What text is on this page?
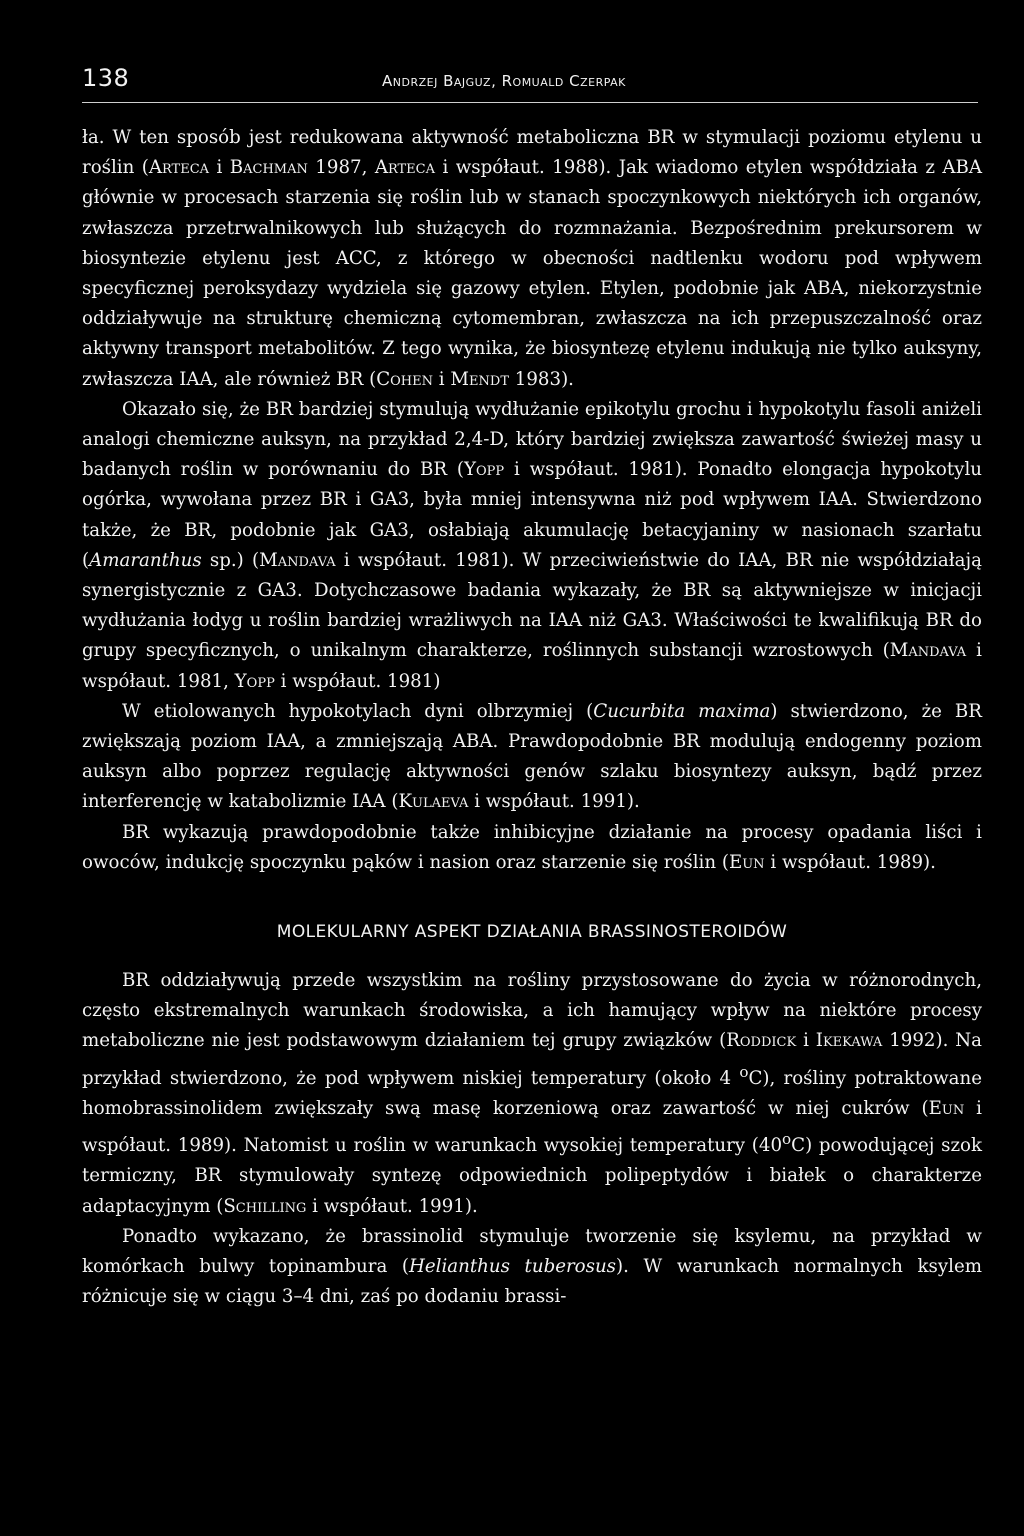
138	Andrzej Bajguz, Romuald Czerpak

ła. W ten sposób jest redukowana aktywność metaboliczna BR w stymulacji poziomu etylenu u roślin (Arteca i Bachman 1987, Arteca i współaut. 1988). Jak wiadomo etylen współdziała z ABA głównie w procesach starzenia się roślin lub w stanach spoczynkowych niektórych ich organów, zwłaszcza przetrwalnikowych lub służących do rozmnażania. Bezpośrednim prekursorem w biosyntezie etylenu jest ACC, z którego w obecności nadtlenku wodoru pod wpływem specyficznej peroksydazy wydziela się gazowy etylen. Etylen, podobnie jak ABA, niekorzystnie oddziaływuje na strukturę chemiczną cytomembran, zwłaszcza na ich przepuszczalność oraz aktywny transport metabolitów. Z tego wynika, że biosyntezę etylenu indukują nie tylko auksyny, zwłaszcza IAA, ale również BR (Cohen i Mendt 1983).

Okazało się, że BR bardziej stymulują wydłużanie epikotylu grochu i hypokotylu fasoli aniżeli analogi chemiczne auksyn, na przykład 2,4-D, który bardziej zwiększa zawartość świeżej masy u badanych roślin w porównaniu do BR (Yopp i współaut. 1981). Ponadto elongacja hypokotylu ogórka, wywołana przez BR i GA3, była mniej intensywna niż pod wpływem IAA. Stwierdzono także, że BR, podobnie jak GA3, osłabiają akumulację betacyjaniny w nasionach szarłatu (Amaranthus sp.) (Mandava i współaut. 1981). W przeciwieństwie do IAA, BR nie współdziałają synergistycznie z GA3. Dotychczasowe badania wykazały, że BR są aktywniejsze w inicjacji wydłużania łodyg u roślin bardziej wrażliwych na IAA niż GA3. Właściwości te kwalifikują BR do grupy specyficznych, o unikalnym charakterze, roślinnych substancji wzrostowych (Mandava i współaut. 1981, Yopp i współaut. 1981)

W etiolowanych hypokotylach dyni olbrzymiej (Cucurbita maxima) stwierdzono, że BR zwiększają poziom IAA, a zmniejszają ABA. Prawdopodobnie BR modulują endogenny poziom auksyn albo poprzez regulację aktywności genów szlaku biosyntezy auksyn, bądź przez interferencję w katabolizmie IAA (Kulaeva i współaut. 1991).

BR wykazują prawdopodobnie także inhibicyjne działanie na procesy opadania liści i owoców, indukcję spoczynku pąków i nasion oraz starzenie się roślin (Eun i współaut. 1989).

MOLEKULARNY ASPEKT DZIAŁANIA BRASSINOSTEROIDÓW

BR oddziaływują przede wszystkim na rośliny przystosowane do życia w różnorodnych, często ekstremalnych warunkach środowiska, a ich hamujący wpływ na niektóre procesy metaboliczne nie jest podstawowym działaniem tej grupy związków (Roddick i Ikekawa 1992). Na przykład stwierdzono, że pod wpływem niskiej temperatury (około 4 $^o$C), rośliny potraktowane homobrassinolidem zwiększały swą masę korzeniową oraz zawartość w niej cukrów (Eun i współaut. 1989). Natomist u roślin w warunkach wysokiej temperatury (40$^o$C) powodującej szok termiczny, BR stymulowały syntezę odpowiednich polipeptydów i białek o charakterze adaptacyjnym (Schilling i współaut. 1991).

Ponadto wykazano, że brassinolid stymuluje tworzenie się ksylemu, na przykład w komórkach bulwy topinambura (Helianthus tuberosus). W warunkach normalnych ksylem różnicuje się w ciągu 3–4 dni, zaś po dodaniu brassi-
